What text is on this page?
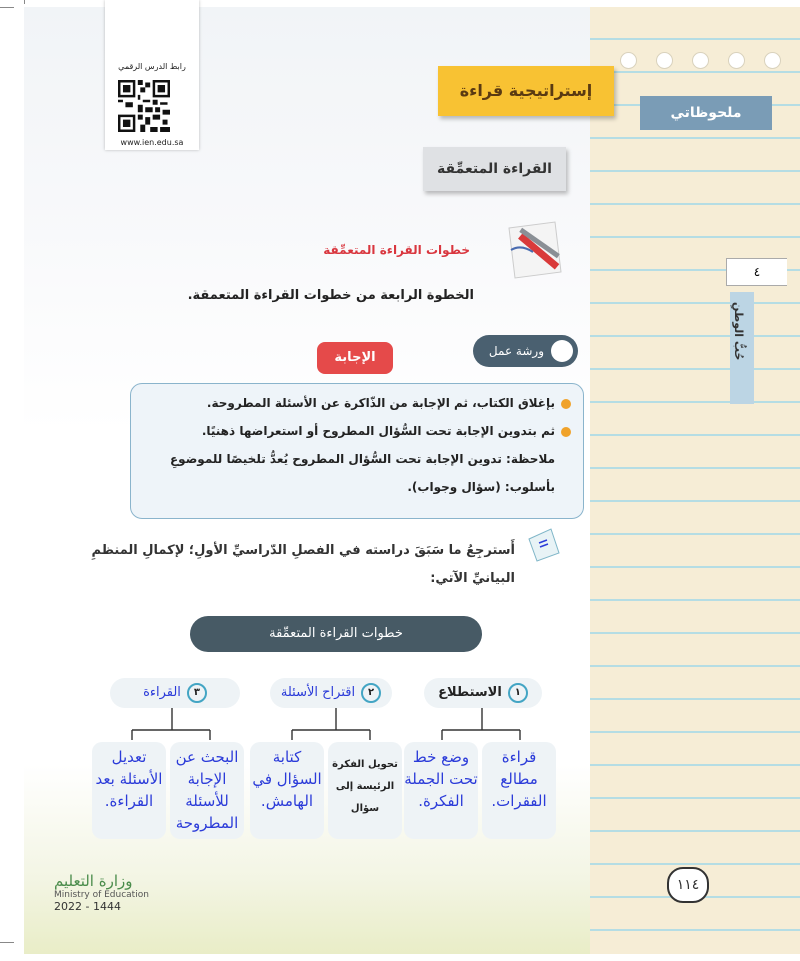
رابط الدرس الرقمي
www.ien.edu.sa
إستراتيجية قراءة
ملحوظاتي
القراءة المتعمِّقة
خطوات القراءة المتعمِّقة
الخطوة الرابعة من خطوات القراءة المتعمقة.
ورشة عمل
الإجابة
بإغلاق الكتاب، ثم الإجابة من الذّاكرة عن الأسئلة المطروحة.
ثم بتدوين الإجابة تحت السُّؤال المطروح أو استعراضها ذهنيًا.
ملاحظة: تدوين الإجابة تحت السُّؤال المطروح يُعدُّ تلخيصًا للموضوعِ
بأسلوب: (سؤال وجواب).
أَسترجِعُ ما سَبَقَ دراسته في الفصلِ الدّراسيِّ الأولِ؛ لإكمالِ المنظمِ
البيانيِّ الآتي:
خطوات القراءة المتعمِّقة
١الاستطلاع
٢اقتراح الأسئلة
٣القراءة
قراءة مطالع الفقرات.
وضع خط تحت الجملة الفكرة.
تحويل الفكرة الرئيسة إلى سؤال
كتابة السؤال في الهامش.
البحث عن الإجابة للأسئلة المطروحة
تعديل الأسئلة بعد القراءة.
٤
حُبُّ الوطنِ
١١٤
وزارة التعليم
Ministry of Education
2022 - 1444
